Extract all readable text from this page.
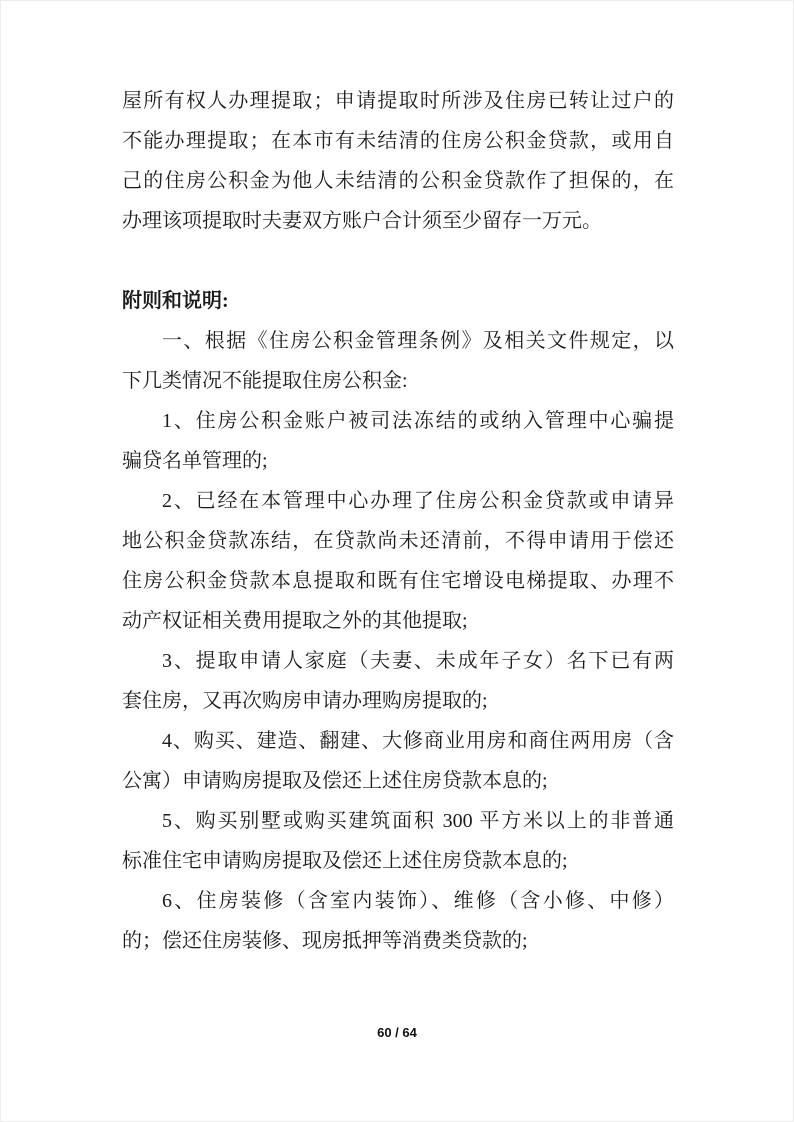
屋所有权人办理提取；申请提取时所涉及住房已转让过户的
不能办理提取；在本市有未结清的住房公积金贷款，或用自
己的住房公积金为他人未结清的公积金贷款作了担保的，在
办理该项提取时夫妻双方账户合计须至少留存一万元。
附则和说明:
一、根据《住房公积金管理条例》及相关文件规定，以
下几类情况不能提取住房公积金:
1、住房公积金账户被司法冻结的或纳入管理中心骗提
骗贷名单管理的;
2、已经在本管理中心办理了住房公积金贷款或申请异
地公积金贷款冻结，在贷款尚未还清前，不得申请用于偿还
住房公积金贷款本息提取和既有住宅增设电梯提取、办理不
动产权证相关费用提取之外的其他提取;
3、提取申请人家庭（夫妻、未成年子女）名下已有两
套住房，又再次购房申请办理购房提取的;
4、购买、建造、翻建、大修商业用房和商住两用房（含
公寓）申请购房提取及偿还上述住房贷款本息的;
5、购买别墅或购买建筑面积 300 平方米以上的非普通
标准住宅申请购房提取及偿还上述住房贷款本息的;
6、住房装修（含室内装饰）、维修（含小修、中修）
的；偿还住房装修、现房抵押等消费类贷款的;
60 / 64
